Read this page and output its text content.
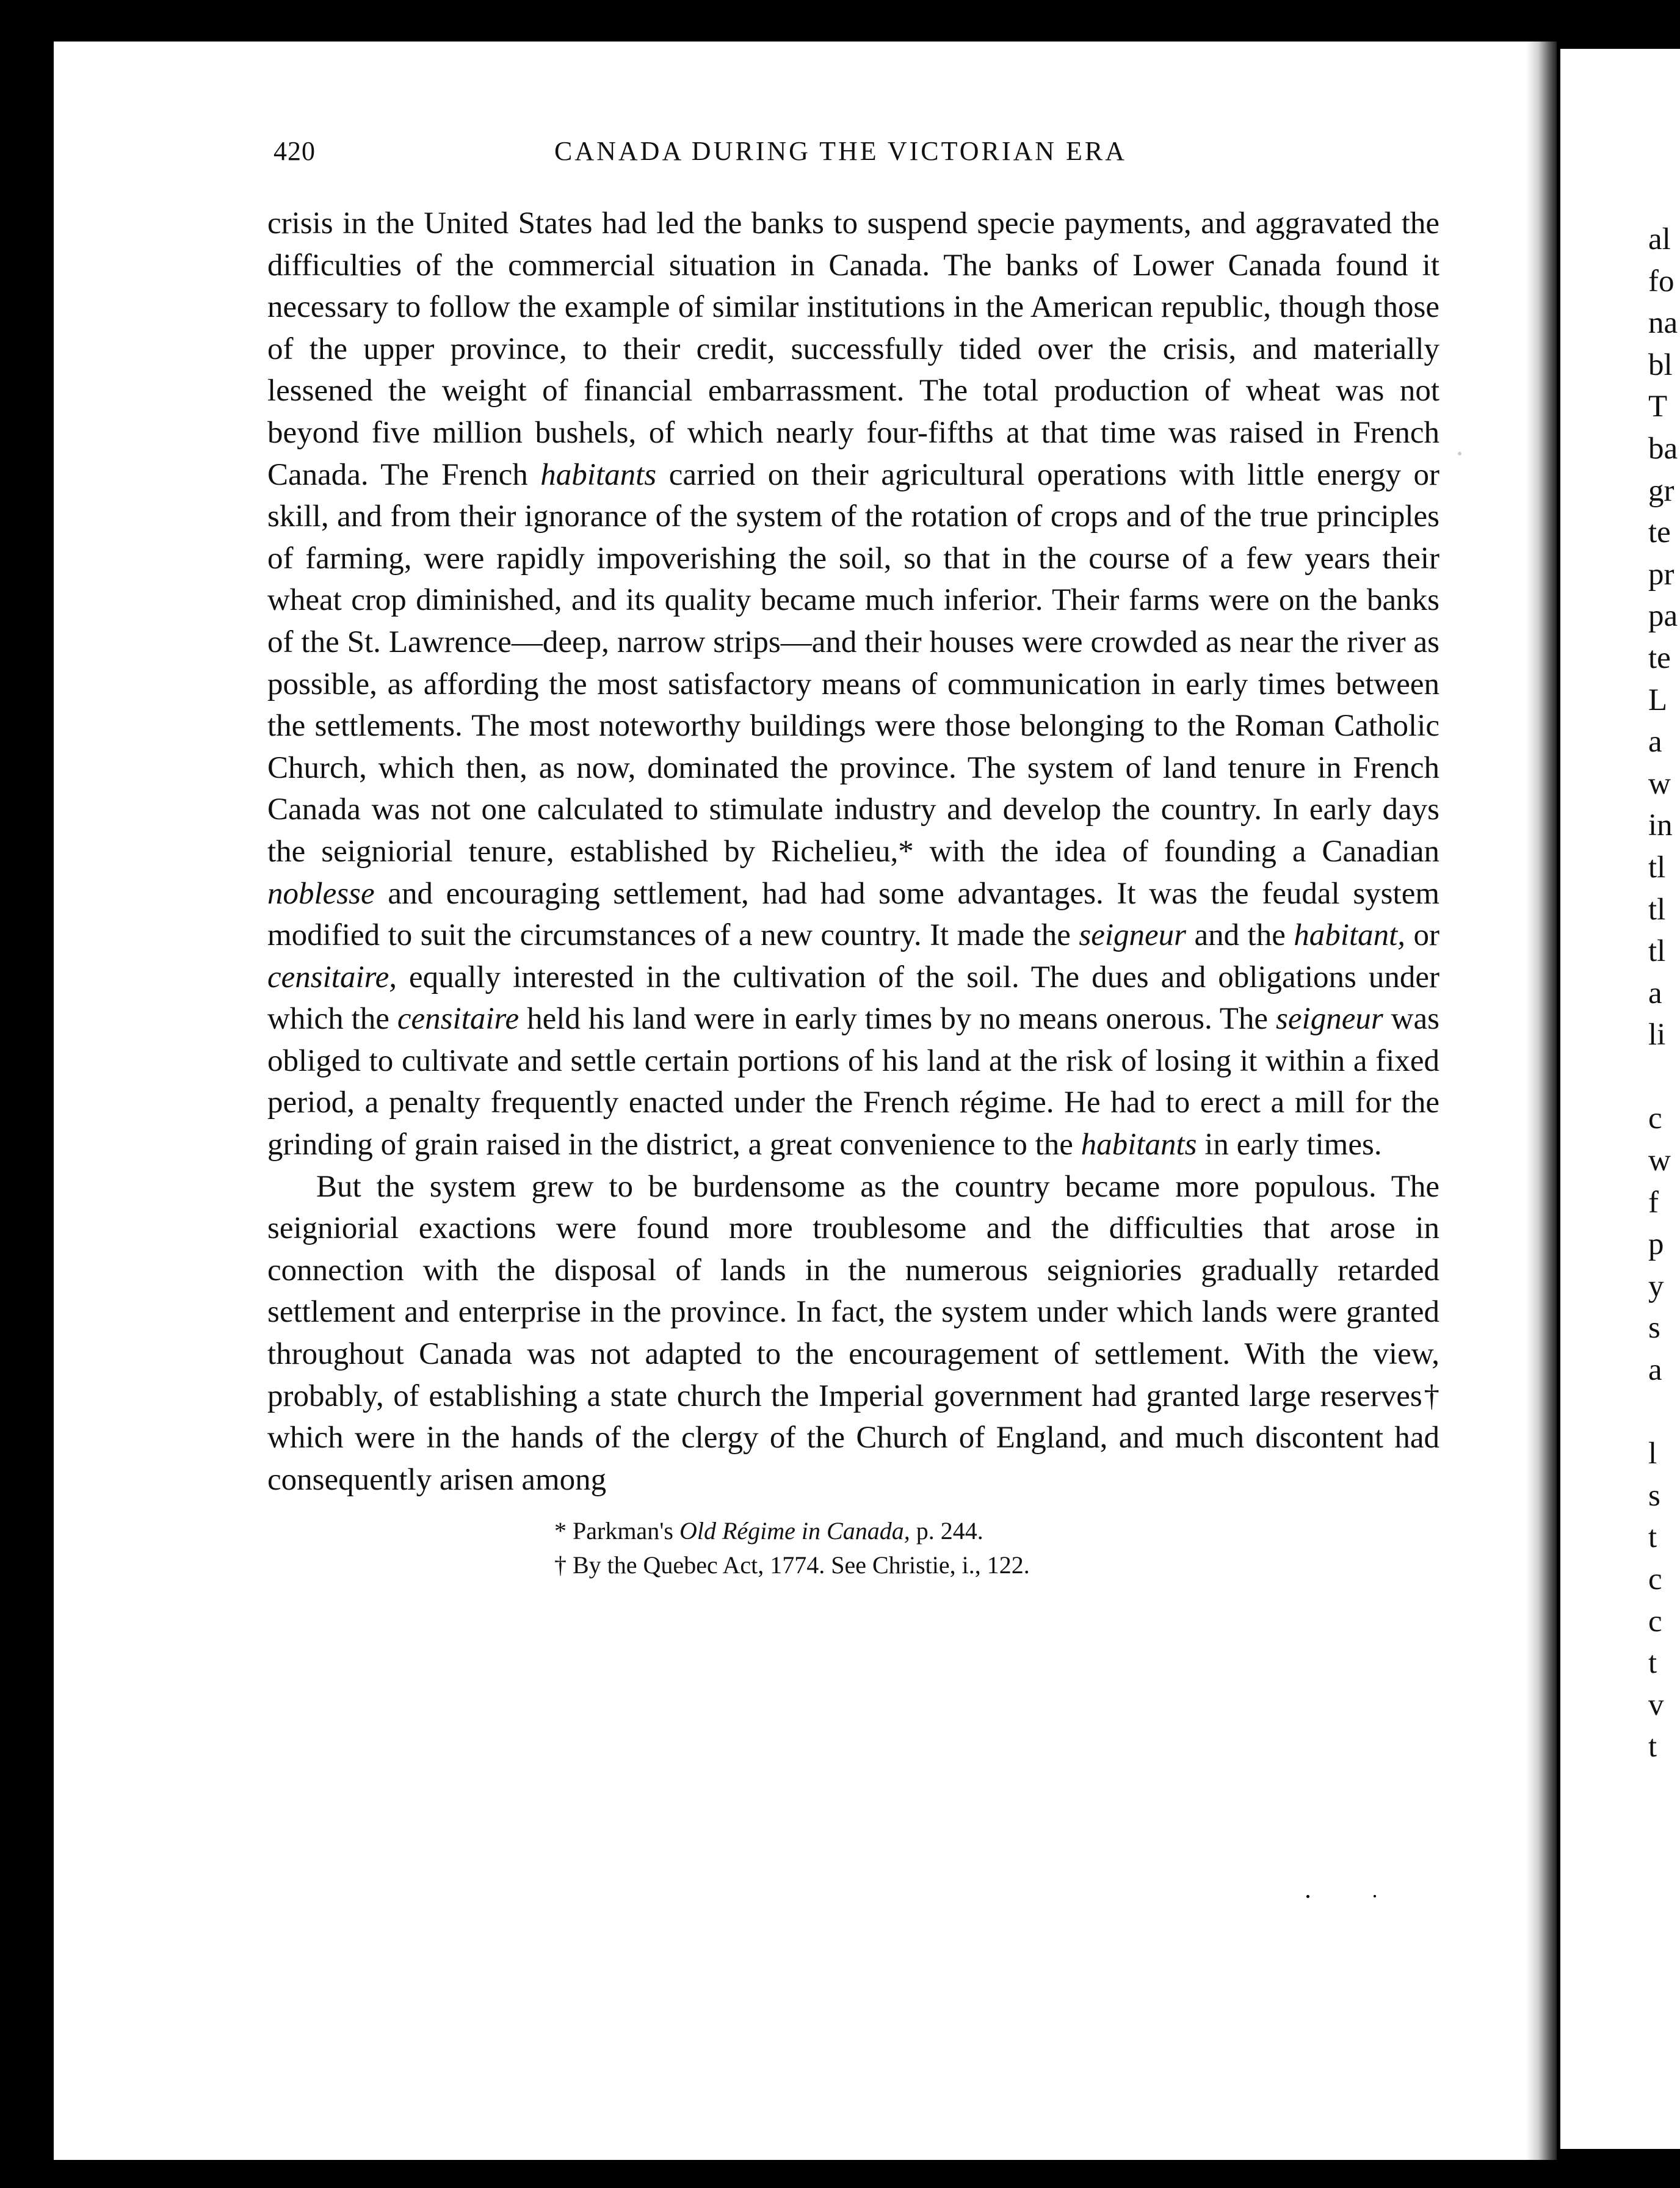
420	CANADA DURING THE VICTORIAN ERA

crisis in the United States had led the banks to suspend specie payments, and aggravated the difficulties of the commercial situation in Canada. The banks of Lower Canada found it necessary to follow the example of similar institutions in the American republic, though those of the upper province, to their credit, successfully tided over the crisis, and materially lessened the weight of financial embarrassment. The total production of wheat was not beyond five million bushels, of which nearly four-fifths at that time was raised in French Canada. The French habitants carried on their agricultural operations with little energy or skill, and from their ignorance of the system of the rotation of crops and of the true principles of farming, were rapidly impoverishing the soil, so that in the course of a few years their wheat crop diminished, and its quality became much inferior. Their farms were on the banks of the St. Lawrence—deep, narrow strips—and their houses were crowded as near the river as possible, as affording the most satisfactory means of communication in early times between the settlements. The most noteworthy buildings were those belonging to the Roman Catholic Church, which then, as now, dominated the province. The system of land tenure in French Canada was not one calculated to stimulate industry and develop the country. In early days the seigniorial tenure, established by Richelieu,* with the idea of founding a Canadian noblesse and encouraging settlement, had had some advantages. It was the feudal system modified to suit the circumstances of a new country. It made the seigneur and the habitant, or censitaire, equally interested in the cultivation of the soil. The dues and obligations under which the censitaire held his land were in early times by no means onerous. The seigneur was obliged to cultivate and settle certain portions of his land at the risk of losing it within a fixed period, a penalty frequently enacted under the French régime. He had to erect a mill for the grinding of grain raised in the district, a great convenience to the habitants in early times.

But the system grew to be burdensome as the country became more populous. The seigniorial exactions were found more troublesome and the difficulties that arose in connection with the disposal of lands in the numerous seigniories gradually retarded settlement and enterprise in the province. In fact, the system under which lands were granted throughout Canada was not adapted to the encouragement of settlement. With the view, probably, of establishing a state church the Imperial government had granted large reserves† which were in the hands of the clergy of the Church of England, and much discontent had consequently arisen among

* Parkman's Old Régime in Canada, p. 244.

† By the Quebec Act, 1774. See Christie, i., 122.

al
fo
na
bl
T
ba
gr
te
pr
pa
te
L
a
w
in
tl
tl
tl
a
li
c
w
f
p
y
s
a
l
s
t
c
c
t
v
t
